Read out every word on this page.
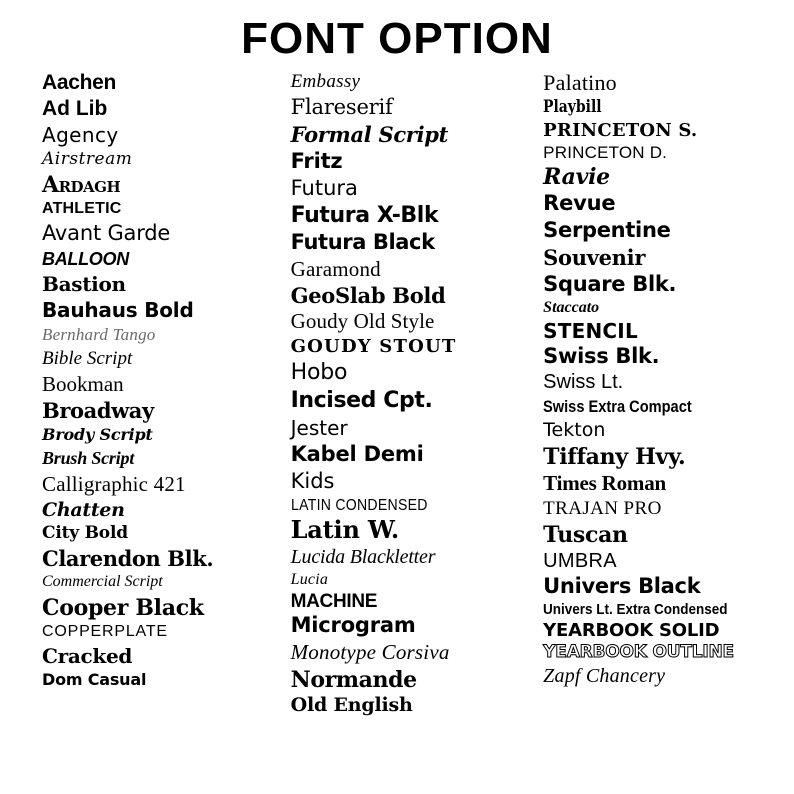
FONT OPTION
Aachen
Ad Lib
Agency
Airstream
Ardagh
ATHLETIC
Avant Garde
BALLOON
Bastion
Bauhaus Bold
Bernhard Tango
Bible Script
Bookman
Broadway
Brody Script
Brush Script
Calligraphic 421
Chatten
City Bold
Clarendon Blk.
Commercial Script
Cooper Black
COPPERPLATE
Cracked
Dom Casual
Embassy
Flareserif
Formal Script
Fritz
Futura
Futura X-Blk
Futura Black
Garamond
GeoSlab Bold
Goudy Old Style
GOUDY STOUT
Hobo
Incised Cpt.
Jester
Kabel Demi
Kids
LATIN CONDENSED
Latin W.
Lucida Blackletter
Lucia
MACHINE
Microgram
Monotype Corsiva
Normande
Old English
Palatino
Playbill
PRINCETON S.
PRINCETON D.
Ravie
Revue
Serpentine
Souvenir
Square Blk.
Staccato
STENCIL
Swiss Blk.
Swiss Lt.
Swiss Extra Compact
Tekton
Tiffany Hvy.
Times Roman
TRAJAN PRO
Tuscan
UMBRA
Univers Black
Univers Lt. Extra Condensed
YEARBOOK SOLID
YEARBOOK OUTLINE
Zapf Chancery
